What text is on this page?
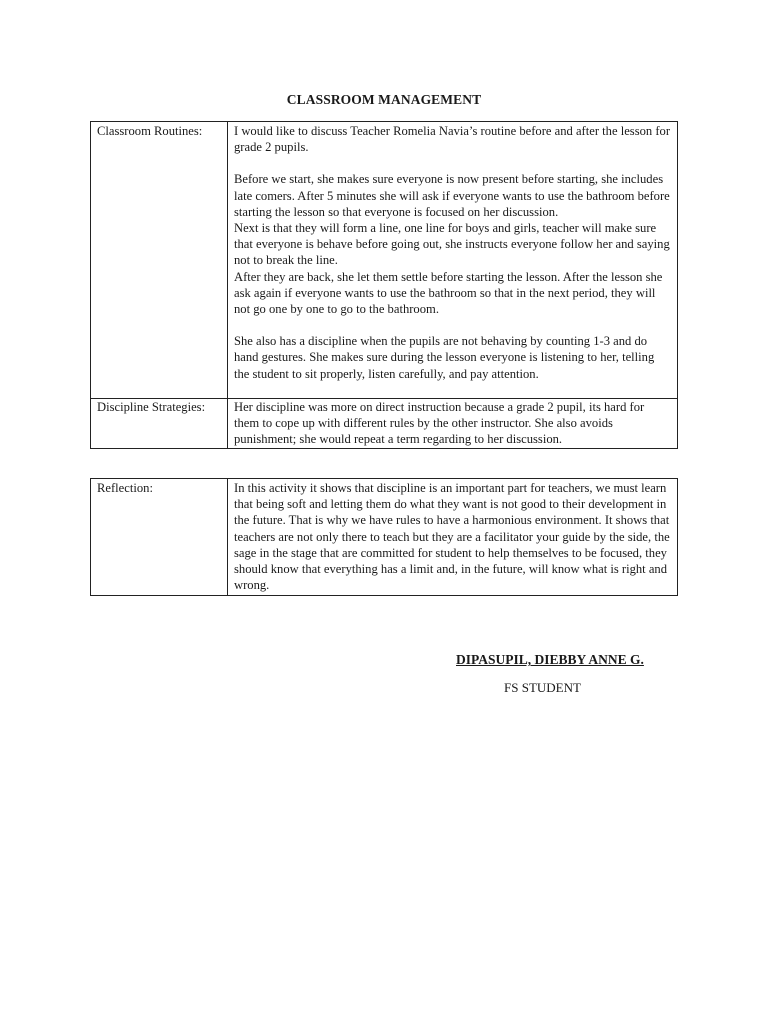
CLASSROOM MANAGEMENT
Classroom Routines:	I would like to discuss Teacher Romelia Navia’s routine before and after the lesson for grade 2 pupils.

Before we start, she makes sure everyone is now present before starting, she includes late comers. After 5 minutes she will ask if everyone wants to use the bathroom before starting the lesson so that everyone is focused on her discussion.

Next is that they will form a line, one line for boys and girls, teacher will make sure that everyone is behave before going out, she instructs everyone follow her and saying not to break the line.

After they are back, she let them settle before starting the lesson. After the lesson she ask again if everyone wants to use the bathroom so that in the next period, they will not go one by one to go to the bathroom.

She also has a discipline when the pupils are not behaving by counting 1-3 and do hand gestures. She makes sure during the lesson everyone is listening to her, telling the student to sit properly, listen carefully, and pay attention.

Discipline Strategies:	Her discipline was more on direct instruction because a grade 2 pupil, its hard for them to cope up with different rules by the other instructor. She also avoids punishment; she would repeat a term regarding to her discussion.

Reflection:	In this activity it shows that discipline is an important part for teachers, we must learn that being soft and letting them do what they want is not good to their development in the future. That is why we have rules to have a harmonious environment. It shows that teachers are not only there to teach but they are a facilitator your guide by the side, the sage in the stage that are committed for student to help themselves to be focused, they should know that everything has a limit and, in the future, will know what is right and wrong.

DIPASUPIL, DIEBBY ANNE G.
FS STUDENT
